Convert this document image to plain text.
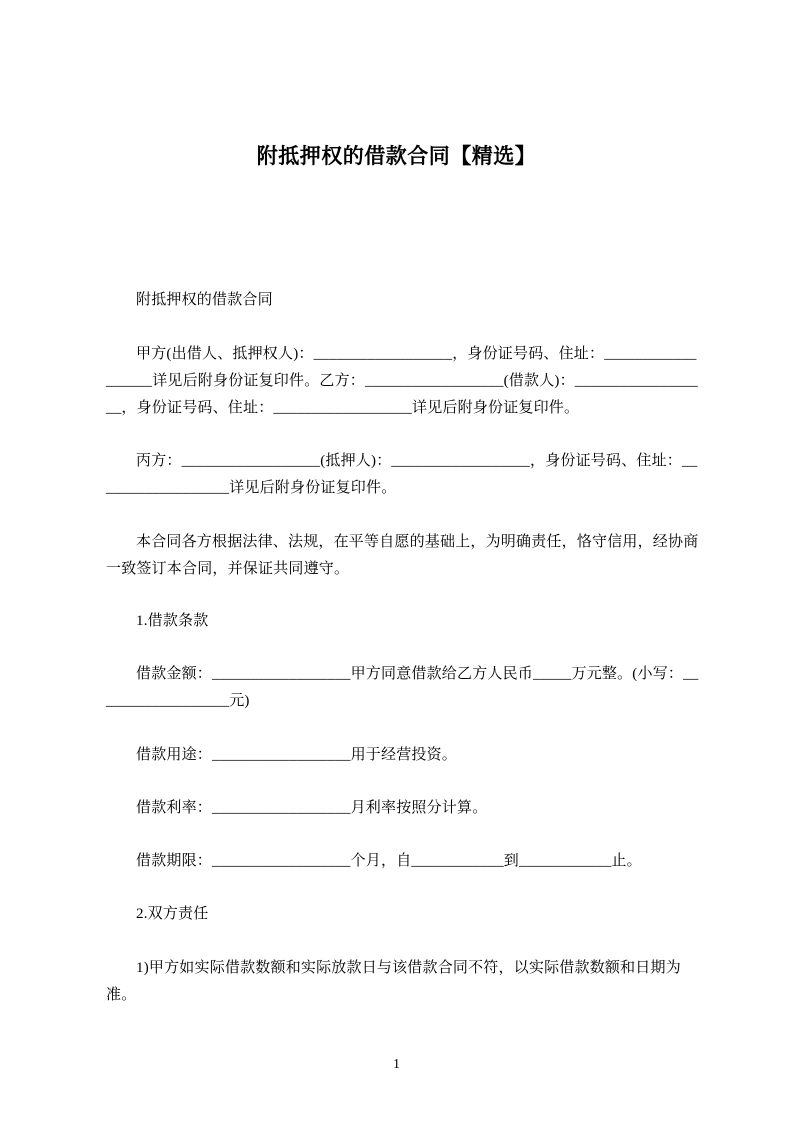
附抵押权的借款合同【精选】
附抵押权的借款合同
甲方(出借人、抵押权人)：__________________，身份证号码、住址：__________________详见后附身份证复印件。乙方：__________________(借款人)：__________________，身份证号码、住址：__________________详见后附身份证复印件。
丙方：__________________(抵押人)：__________________，身份证号码、住址：__________________详见后附身份证复印件。
本合同各方根据法律、法规，在平等自愿的基础上，为明确责任，恪守信用，经协商一致签订本合同，并保证共同遵守。
1.借款条款
借款金额：__________________甲方同意借款给乙方人民币_____万元整。(小写：__________________元)
借款用途：__________________用于经营投资。
借款利率：__________________月利率按照分计算。
借款期限：__________________个月，自____________到____________止。
2.双方责任
1)甲方如实际借款数额和实际放款日与该借款合同不符，以实际借款数额和日期为准。
1
